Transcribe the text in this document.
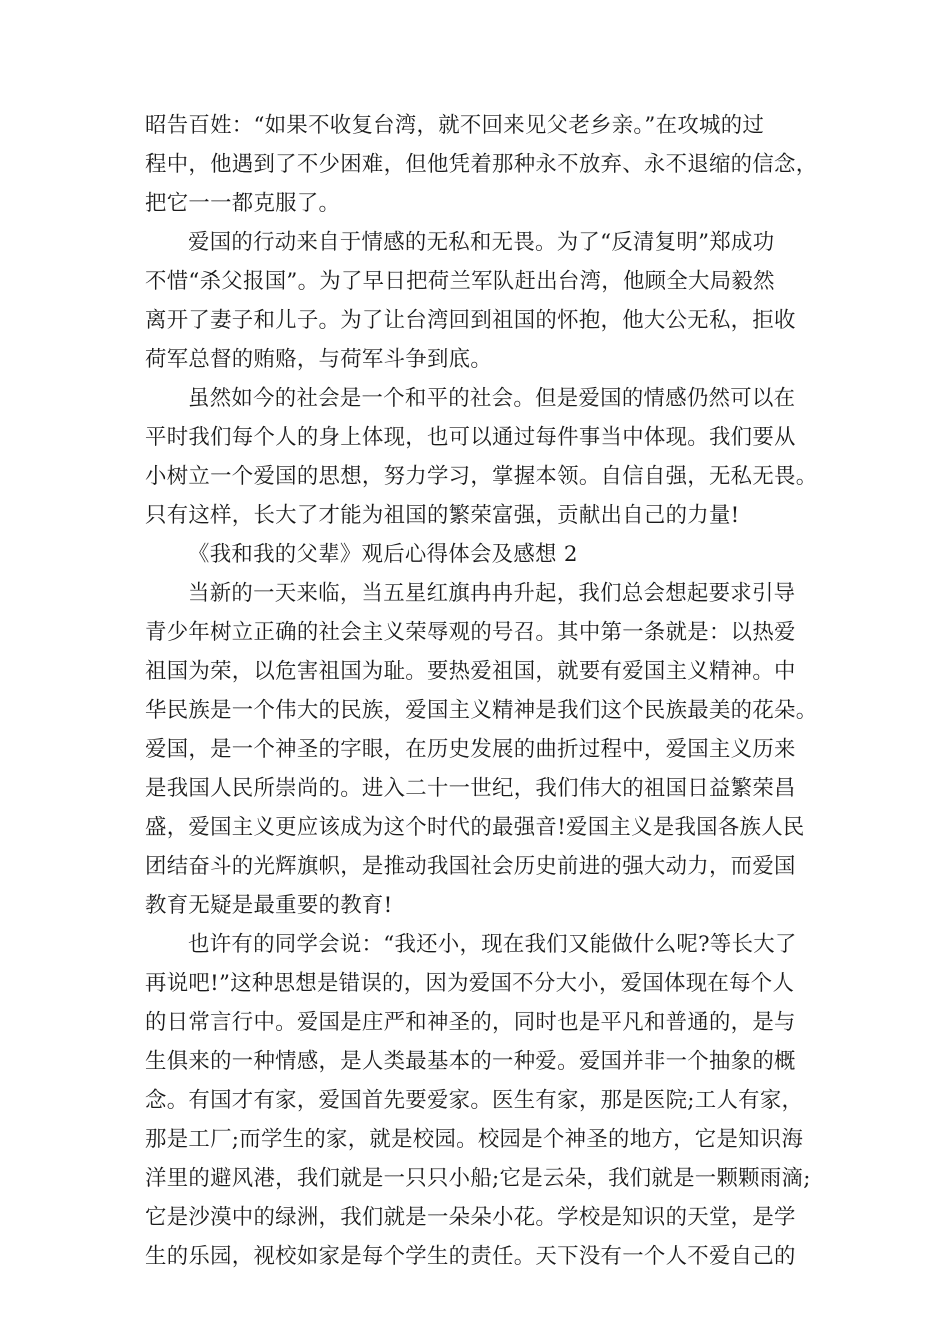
昭告百姓：“如果不收复台湾，就不回来见父老乡亲。”在攻城的过
程中，他遇到了不少困难，但他凭着那种永不放弃、永不退缩的信念，
把它一一都克服了。
爱国的行动来自于情感的无私和无畏。为了“反清复明”郑成功
不惜“杀父报国”。为了早日把荷兰军队赶出台湾，他顾全大局毅然
离开了妻子和儿子。为了让台湾回到祖国的怀抱，他大公无私，拒收
荷军总督的贿赂，与荷军斗争到底。
虽然如今的社会是一个和平的社会。但是爱国的情感仍然可以在
平时我们每个人的身上体现，也可以通过每件事当中体现。我们要从
小树立一个爱国的思想，努力学习，掌握本领。自信自强，无私无畏。
只有这样，长大了才能为祖国的繁荣富强，贡献出自己的力量!
《我和我的父辈》观后心得体会及感想 2
当新的一天来临，当五星红旗冉冉升起，我们总会想起要求引导
青少年树立正确的社会主义荣辱观的号召。其中第一条就是：以热爱
祖国为荣，以危害祖国为耻。要热爱祖国，就要有爱国主义精神。中
华民族是一个伟大的民族，爱国主义精神是我们这个民族最美的花朵。
爱国，是一个神圣的字眼，在历史发展的曲折过程中，爱国主义历来
是我国人民所崇尚的。进入二十一世纪，我们伟大的祖国日益繁荣昌
盛，爱国主义更应该成为这个时代的最强音!爱国主义是我国各族人民
团结奋斗的光辉旗帜，是推动我国社会历史前进的强大动力，而爱国
教育无疑是最重要的教育!
也许有的同学会说：“我还小，现在我们又能做什么呢?等长大了
再说吧!”这种思想是错误的，因为爱国不分大小，爱国体现在每个人
的日常言行中。爱国是庄严和神圣的，同时也是平凡和普通的，是与
生俱来的一种情感，是人类最基本的一种爱。爱国并非一个抽象的概
念。有国才有家，爱国首先要爱家。医生有家，那是医院;工人有家，
那是工厂;而学生的家，就是校园。校园是个神圣的地方，它是知识海
洋里的避风港，我们就是一只只小船;它是云朵，我们就是一颗颗雨滴;
它是沙漠中的绿洲，我们就是一朵朵小花。学校是知识的天堂，是学
生的乐园，视校如家是每个学生的责任。天下没有一个人不爱自己的
